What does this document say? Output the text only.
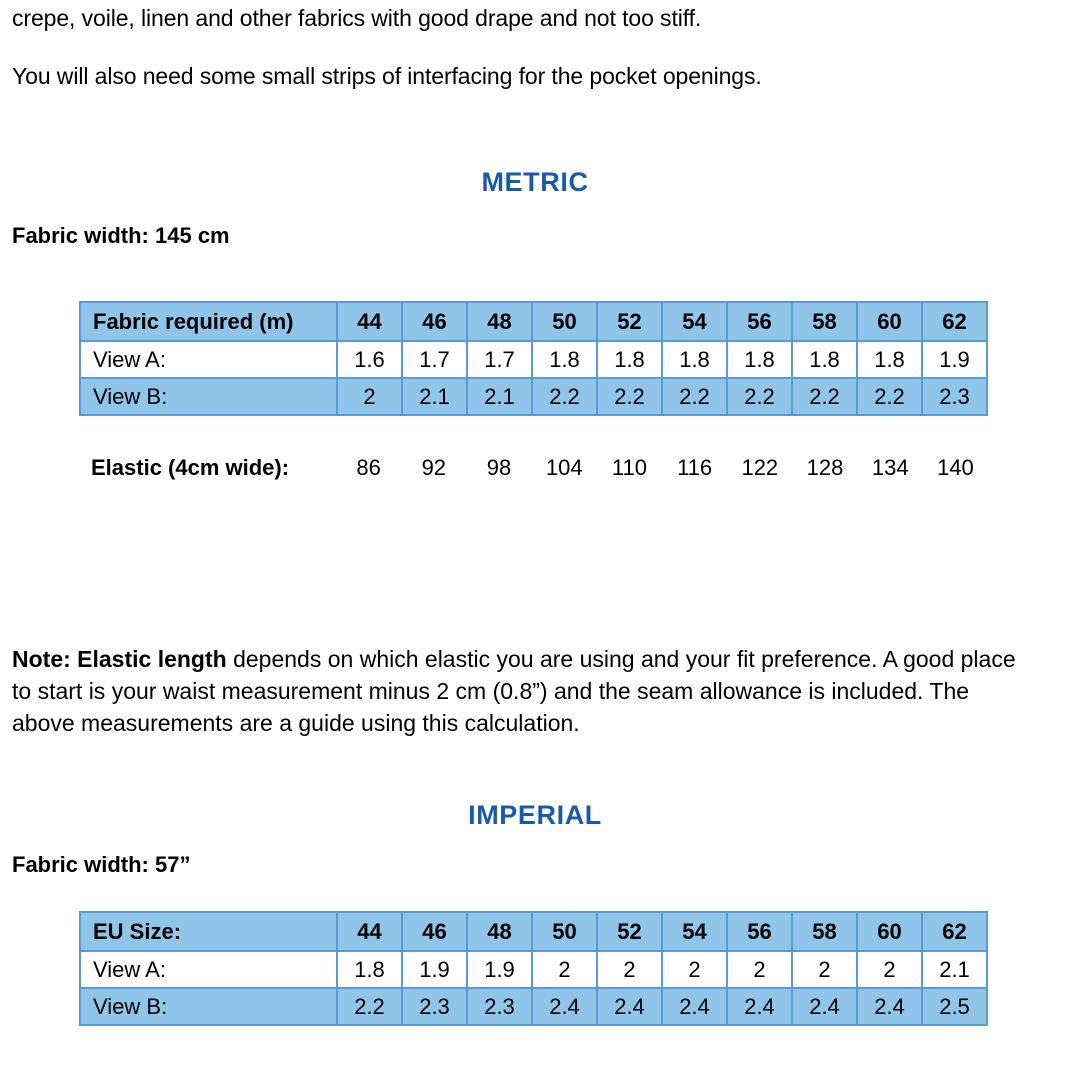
crepe, voile, linen and other fabrics with good drape and not too stiff.
You will also need some small strips of interfacing for the pocket openings.
METRIC
Fabric width: 145 cm
Fabric required (m)	44	46	48	50	52	54	56	58	60	62
View A:	1.6	1.7	1.7	1.8	1.8	1.8	1.8	1.8	1.8	1.9
View B:	2	2.1	2.1	2.2	2.2	2.2	2.2	2.2	2.2	2.3
Elastic (4cm wide):	86	92	98	104	110	116	122	128	134	140
Note: Elastic length depends on which elastic you are using and your fit preference. A good place to start is your waist measurement minus 2 cm (0.8”) and the seam allowance is included. The above measurements are a guide using this calculation.
IMPERIAL
Fabric width: 57”
EU Size:	44	46	48	50	52	54	56	58	60	62
View A:	1.8	1.9	1.9	2	2	2	2	2	2	2.1
View B:	2.2	2.3	2.3	2.4	2.4	2.4	2.4	2.4	2.4	2.5
